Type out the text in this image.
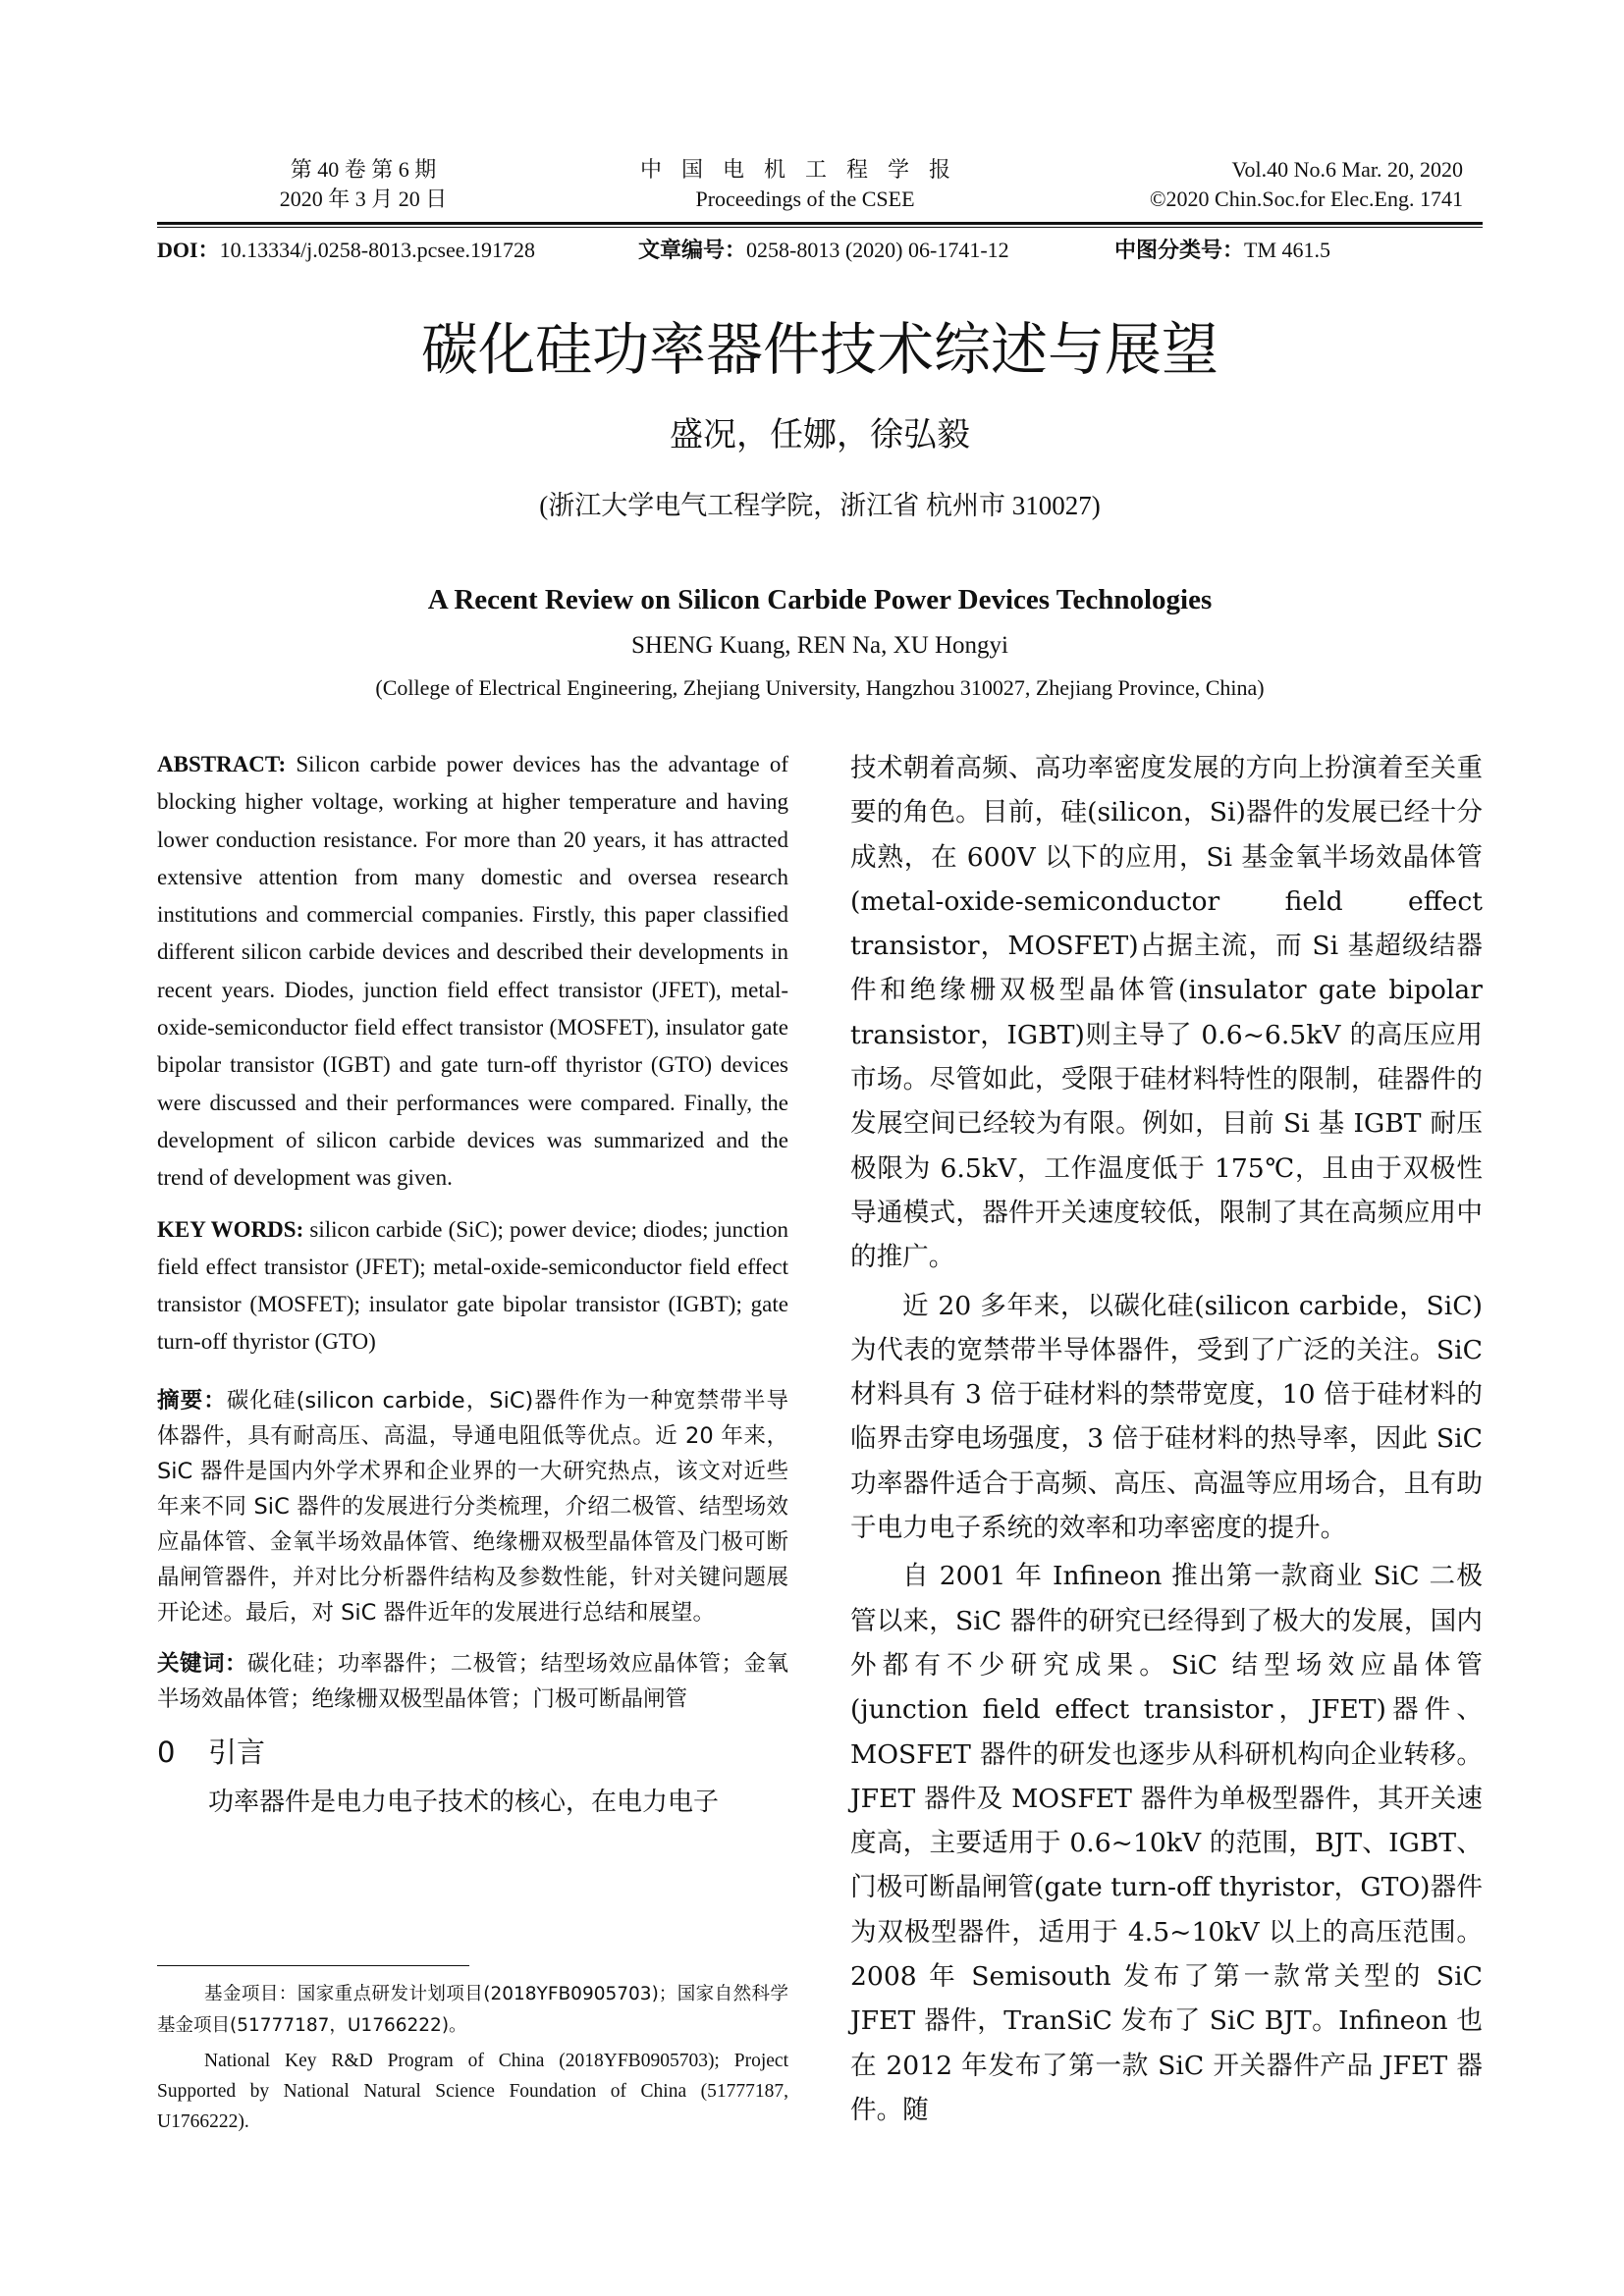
第 40 卷 第 6 期
2020 年 3 月 20 日
中国电机工程学报
Proceedings of the CSEE
Vol.40 No.6 Mar. 20, 2020
©2020 Chin.Soc.for Elec.Eng. 1741
DOI：10.13334/j.0258-8013.pcsee.191728	文章编号：0258-8013 (2020) 06-1741-12	中图分类号：TM 461.5
碳化硅功率器件技术综述与展望
盛况，任娜，徐弘毅
(浙江大学电气工程学院，浙江省 杭州市 310027)
A Recent Review on Silicon Carbide Power Devices Technologies
SHENG Kuang, REN Na, XU Hongyi
(College of Electrical Engineering, Zhejiang University, Hangzhou 310027, Zhejiang Province, China)

ABSTRACT: Silicon carbide power devices has the advantage of blocking higher voltage, working at higher temperature and having lower conduction resistance. For more than 20 years, it has attracted extensive attention from many domestic and oversea research institutions and commercial companies. Firstly, this paper classified different silicon carbide devices and described their developments in recent years. Diodes, junction field effect transistor (JFET), metal-oxide-semiconductor field effect transistor (MOSFET), insulator gate bipolar transistor (IGBT) and gate turn-off thyristor (GTO) devices were discussed and their performances were compared. Finally, the development of silicon carbide devices was summarized and the trend of development was given.

KEY WORDS: silicon carbide (SiC); power device; diodes; junction field effect transistor (JFET); metal-oxide-semiconductor field effect transistor (MOSFET); insulator gate bipolar transistor (IGBT); gate turn-off thyristor (GTO)

摘要：碳化硅(silicon carbide，SiC)器件作为一种宽禁带半导体器件，具有耐高压、高温，导通电阻低等优点。近 20 年来，SiC 器件是国内外学术界和企业界的一大研究热点，该文对近些年来不同 SiC 器件的发展进行分类梳理，介绍二极管、结型场效应晶体管、金氧半场效晶体管、绝缘栅双极型晶体管及门极可断晶闸管器件，并对比分析器件结构及参数性能，针对关键问题展开论述。最后，对 SiC 器件近年的发展进行总结和展望。

关键词：碳化硅；功率器件；二极管；结型场效应晶体管；金氧半场效晶体管；绝缘栅双极型晶体管；门极可断晶闸管

0 引言

功率器件是电力电子技术的核心，在电力电子

基金项目：国家重点研发计划项目(2018YFB0905703)；国家自然科学基金项目(51777187，U1766222)。

National Key R&D Program of China (2018YFB0905703); Project Supported by National Natural Science Foundation of China (51777187, U1766222).

技术朝着高频、高功率密度发展的方向上扮演着至关重要的角色。目前，硅(silicon，Si)器件的发展已经十分成熟，在 600V 以下的应用，Si 基金氧半场效晶体管(metal-oxide-semiconductor field effect transistor，MOSFET)占据主流，而 Si 基超级结器件和绝缘栅双极型晶体管(insulator gate bipolar transistor，IGBT)则主导了 0.6~6.5kV 的高压应用市场。尽管如此，受限于硅材料特性的限制，硅器件的发展空间已经较为有限。例如，目前 Si 基 IGBT 耐压极限为 6.5kV，工作温度低于 175℃，且由于双极性导通模式，器件开关速度较低，限制了其在高频应用中的推广。

近 20 多年来，以碳化硅(silicon carbide，SiC)为代表的宽禁带半导体器件，受到了广泛的关注。SiC 材料具有 3 倍于硅材料的禁带宽度，10 倍于硅材料的临界击穿电场强度，3 倍于硅材料的热导率，因此 SiC 功率器件适合于高频、高压、高温等应用场合，且有助于电力电子系统的效率和功率密度的提升。

自 2001 年 Infineon 推出第一款商业 SiC 二极管以来，SiC 器件的研究已经得到了极大的发展，国内外都有不少研究成果。SiC 结型场效应晶体管(junction field effect transistor，JFET)器件、MOSFET 器件的研发也逐步从科研机构向企业转移。JFET 器件及 MOSFET 器件为单极型器件，其开关速度高，主要适用于 0.6~10kV 的范围，BJT、IGBT、门极可断晶闸管(gate turn-off thyristor，GTO)器件为双极型器件，适用于 4.5~10kV 以上的高压范围。2008 年 Semisouth 发布了第一款常关型的 SiC JFET 器件，TranSiC 发布了 SiC BJT。Infineon 也在 2012 年发布了第一款 SiC 开关器件产品 JFET 器件。随
